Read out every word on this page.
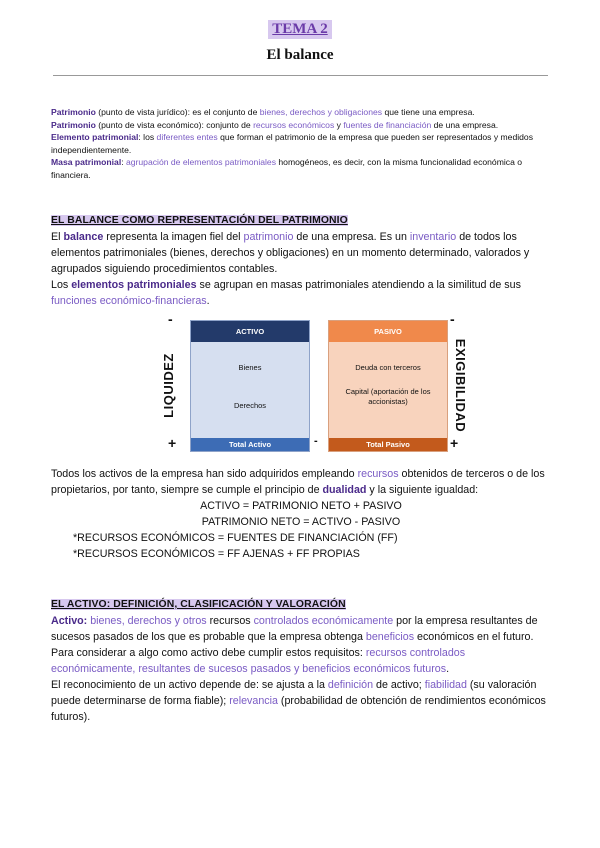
TEMA 2
El balance

Patrimonio (punto de vista jurídico): es el conjunto de bienes, derechos y obligaciones que tiene una empresa.

Patrimonio (punto de vista económico): conjunto de recursos económicos y fuentes de financiación de una empresa.

Elemento patrimonial: los diferentes entes que forman el patrimonio de la empresa que pueden ser representados y medidos independientemente.

Masa patrimonial: agrupación de elementos patrimoniales homogéneos, es decir, con la misma funcionalidad económica o financiera.

EL BALANCE COMO REPRESENTACIÓN DEL PATRIMONIO

El balance representa la imagen fiel del patrimonio de una empresa. Es un inventario de todos los elementos patrimoniales (bienes, derechos y obligaciones) en un momento determinado, valorados y agrupados siguiendo procedimientos contables.

Los elementos patrimoniales se agrupan en masas patrimoniales atendiendo a la similitud de sus funciones económico-financieras.

-
+
-
+
-
LIQUIDEZ	EXIGIBILIDAD
ACTIVO
Bienes
Derechos
Total Activo
PASIVO
Deuda con terceros
Capital (aportación de los accionistas)
Total Pasivo

Todos los activos de la empresa han sido adquiridos empleando recursos obtenidos de terceros o de los propietarios, por tanto, siempre se cumple el principio de dualidad y la siguiente igualdad:

ACTIVO = PATRIMONIO NETO + PASIVO

PATRIMONIO NETO = ACTIVO - PASIVO

*RECURSOS ECONÓMICOS = FUENTES DE FINANCIACIÓN (FF)

*RECURSOS ECONÓMICOS = FF AJENAS + FF PROPIAS

EL ACTIVO: DEFINICIÓN, CLASIFICACIÓN Y VALORACIÓN

Activo: bienes, derechos y otros recursos controlados económicamente por la empresa resultantes de sucesos pasados de los que es probable que la empresa obtenga beneficios económicos en el futuro.

Para considerar a algo como activo debe cumplir estos requisitos: recursos controlados económicamente, resultantes de sucesos pasados y beneficios económicos futuros.

El reconocimiento de un activo depende de: se ajusta a la definición de activo; fiabilidad (su valoración puede determinarse de forma fiable); relevancia (probabilidad de obtención de rendimientos económicos futuros).
